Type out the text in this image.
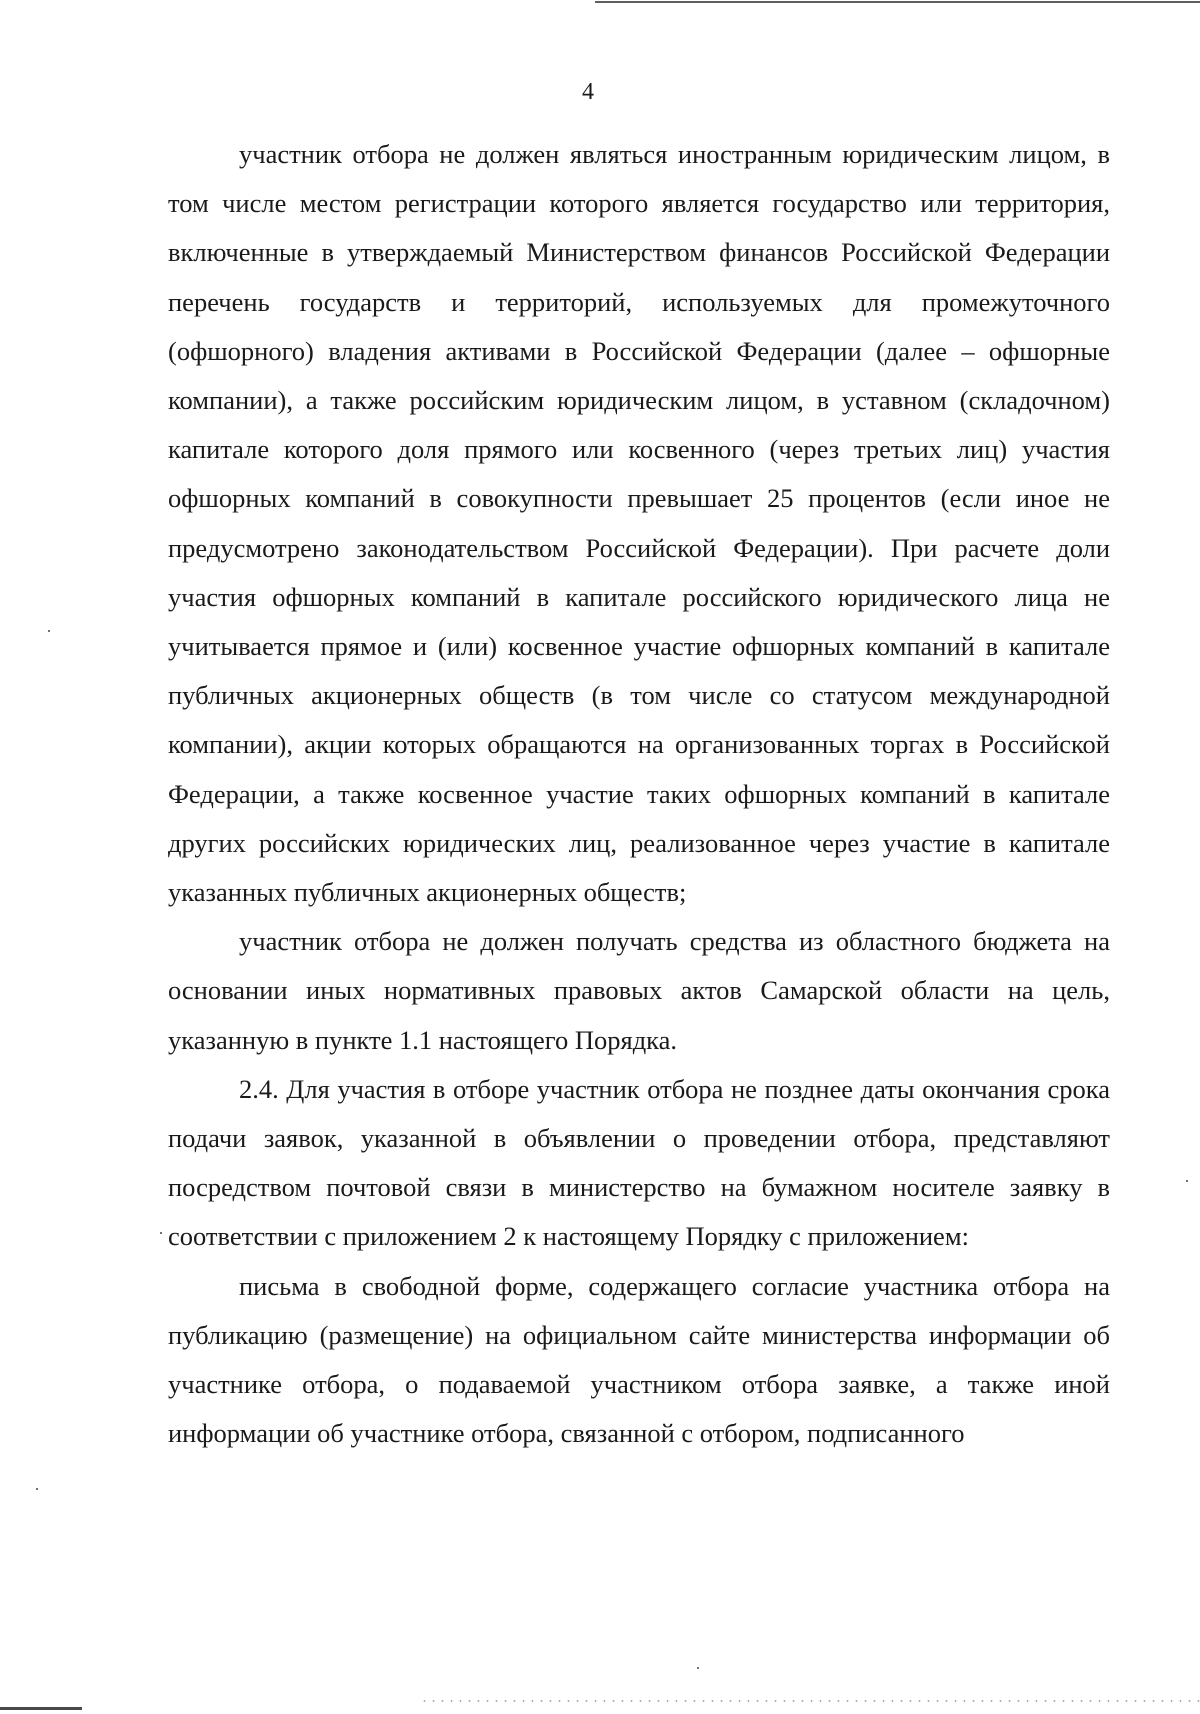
4

участник отбора не должен являться иностранным юридическим лицом, в том числе местом регистрации которого является государство или территория, включенные в утверждаемый Министерством финансов Российской Федерации перечень государств и территорий, используемых для промежуточного (офшорного) владения активами в Российской Федерации (далее – офшорные компании), а также российским юридическим лицом, в уставном (складочном) капитале которого доля прямого или косвенного (через третьих лиц) участия офшорных компаний в совокупности превышает 25 процентов (если иное не предусмотрено законодательством Российской Федерации). При расчете доли участия офшорных компаний в капитале российского юридического лица не учитывается прямое и (или) косвенное участие офшорных компаний в капитале публичных акционерных обществ (в том числе со статусом международной компании), акции которых обращаются на организованных торгах в Российской Федерации, а также косвенное участие таких офшорных компаний в капитале других российских юридических лиц, реализованное через участие в капитале указанных публичных акционерных обществ;

участник отбора не должен получать средства из областного бюджета на основании иных нормативных правовых актов Самарской области на цель, указанную в пункте 1.1 настоящего Порядка.

2.4. Для участия в отборе участник отбора не позднее даты окончания срока подачи заявок, указанной в объявлении о проведении отбора, представляют посредством почтовой связи в министерство на бумажном носителе заявку в соответствии с приложением 2 к настоящему Порядку с приложением:

письма в свободной форме, содержащего согласие участника отбора на публикацию (размещение) на официальном сайте министерства информации об участнике отбора, о подаваемой участником отбора заявке, а также иной информации об участнике отбора, связанной с отбором, подписанного
